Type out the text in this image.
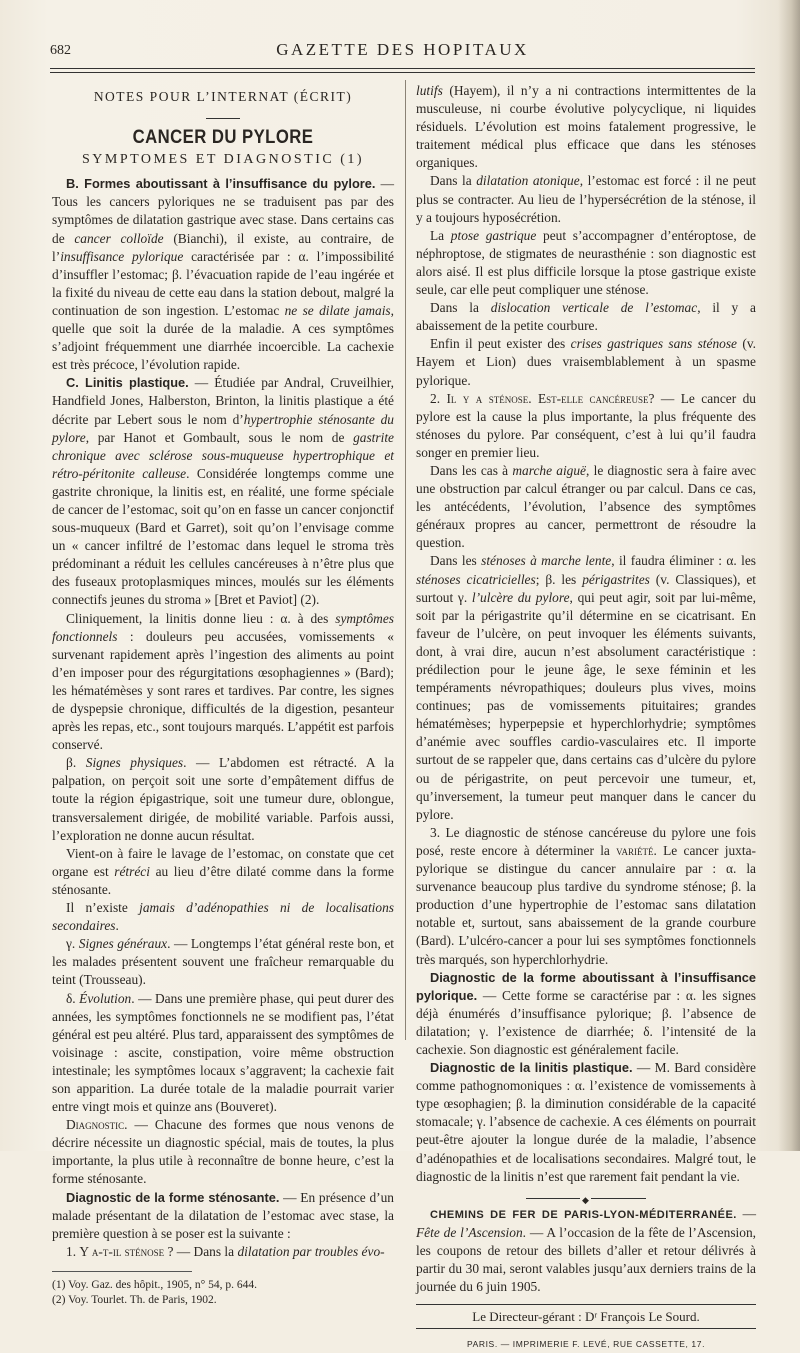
682	GAZETTE DES HOPITAUX
NOTES POUR L’INTERNAT (ÉCRIT)
CANCER DU PYLORE
SYMPTOMES ET DIAGNOSTIC (1)

B. Formes aboutissant à l’insuffisance du pylore. — Tous les cancers pyloriques ne se traduisent pas par des symptômes de dilatation gastrique avec stase. Dans certains cas de cancer colloïde (Bianchi), il existe, au contraire, de l’insuffisance pylorique caractérisée par : α. l’impossibilité d’insuffler l’estomac; β. l’évacuation rapide de l’eau ingérée et la fixité du niveau de cette eau dans la station debout, malgré la continuation de son ingestion. L’estomac ne se dilate jamais, quelle que soit la durée de la maladie. A ces symptômes s’adjoint fréquemment une diarrhée incoercible. La cachexie est très précoce, l’évolution rapide.

C. Linitis plastique. — Étudiée par Andral, Cruveilhier, Handfield Jones, Halberston, Brinton, la linitis plastique a été décrite par Lebert sous le nom d’hypertrophie sténosante du pylore, par Hanot et Gombault, sous le nom de gastrite chronique avec sclérose sous-muqueuse hypertrophique et rétro-péritonite calleuse. Considérée longtemps comme une gastrite chronique, la linitis est, en réalité, une forme spéciale de cancer de l’estomac, soit qu’on en fasse un cancer conjonctif sous-muqueux (Bard et Garret), soit qu’on l’envisage comme un « cancer infiltré de l’estomac dans lequel le stroma très prédominant a réduit les cellules cancéreuses à n’être plus que des fuseaux protoplasmiques minces, moulés sur les éléments connectifs jeunes du stroma » [Bret et Paviot] (2).

Cliniquement, la linitis donne lieu : α. à des symptômes fonctionnels : douleurs peu accusées, vomissements « survenant rapidement après l’ingestion des aliments au point d’en imposer pour des régurgitations œsophagiennes » (Bard); les hématémèses y sont rares et tardives. Par contre, les signes de dyspepsie chronique, difficultés de la digestion, pesanteur après les repas, etc., sont toujours marqués. L’appétit est parfois conservé.

β. Signes physiques. — L’abdomen est rétracté. A la palpation, on perçoit soit une sorte d’empâtement diffus de toute la région épigastrique, soit une tumeur dure, oblongue, transversalement dirigée, de mobilité variable. Parfois aussi, l’exploration ne donne aucun résultat.

Vient-on à faire le lavage de l’estomac, on constate que cet organe est rétréci au lieu d’être dilaté comme dans la forme sténosante.

Il n’existe jamais d’adénopathies ni de localisations secondaires.

γ. Signes généraux. — Longtemps l’état général reste bon, et les malades présentent souvent une fraîcheur remarquable du teint (Trousseau).

δ. Évolution. — Dans une première phase, qui peut durer des années, les symptômes fonctionnels ne se modifient pas, l’état général est peu altéré. Plus tard, apparaissent des symptômes de voisinage : ascite, constipation, voire même obstruction intestinale; les symptômes locaux s’aggravent; la cachexie fait son apparition. La durée totale de la maladie pourrait varier entre vingt mois et quinze ans (Bouveret).

Diagnostic. — Chacune des formes que nous venons de décrire nécessite un diagnostic spécial, mais de toutes, la plus importante, la plus utile à reconnaître de bonne heure, c’est la forme sténosante.

Diagnostic de la forme sténosante. — En présence d’un malade présentant de la dilatation de l’estomac avec stase, la première question à se poser est la suivante :

1. Y a-t-il sténose ? — Dans la dilatation par troubles évo-

(1) Voy. Gaz. des hôpit., 1905, n° 54, p. 644.

(2) Voy. Tourlet. Th. de Paris, 1902.

lutifs (Hayem), il n’y a ni contractions intermittentes de la musculeuse, ni courbe évolutive polycyclique, ni liquides résiduels. L’évolution est moins fatalement progressive, le traitement médical plus efficace que dans les sténoses organiques.

Dans la dilatation atonique, l’estomac est forcé : il ne peut plus se contracter. Au lieu de l’hypersécrétion de la sténose, il y a toujours hyposécrétion.

La ptose gastrique peut s’accompagner d’entéroptose, de néphroptose, de stigmates de neurasthénie : son diagnostic est alors aisé. Il est plus difficile lorsque la ptose gastrique existe seule, car elle peut compliquer une sténose.

Dans la dislocation verticale de l’estomac, il y a abaissement de la petite courbure.

Enfin il peut exister des crises gastriques sans sténose (v. Hayem et Lion) dues vraisemblablement à un spasme pylorique.

2. Il y a sténose. Est-elle cancéreuse? — Le cancer du pylore est la cause la plus importante, la plus fréquente des sténoses du pylore. Par conséquent, c’est à lui qu’il faudra songer en premier lieu.

Dans les cas à marche aiguë, le diagnostic sera à faire avec une obstruction par calcul étranger ou par calcul. Dans ce cas, les antécédents, l’évolution, l’absence des symptômes généraux propres au cancer, permettront de résoudre la question.

Dans les sténoses à marche lente, il faudra éliminer : α. les sténoses cicatricielles; β. les périgastrites (v. Classiques), et surtout γ. l’ulcère du pylore, qui peut agir, soit par lui-même, soit par la périgastrite qu’il détermine en se cicatrisant. En faveur de l’ulcère, on peut invoquer les éléments suivants, dont, à vrai dire, aucun n’est absolument caractéristique : prédilection pour le jeune âge, le sexe féminin et les tempéraments névropathiques; douleurs plus vives, moins continues; pas de vomissements pituitaires; grandes hématémèses; hyperpepsie et hyperchlorhydrie; symptômes d’anémie avec souffles cardio-vasculaires etc. Il importe surtout de se rappeler que, dans certains cas d’ulcère du pylore ou de périgastrite, on peut percevoir une tumeur, et, qu’inversement, la tumeur peut manquer dans le cancer du pylore.

3. Le diagnostic de sténose cancéreuse du pylore une fois posé, reste encore à déterminer la variété. Le cancer juxta-pylorique se distingue du cancer annulaire par : α. la survenance beaucoup plus tardive du syndrome sténose; β. la production d’une hypertrophie de l’estomac sans dilatation notable et, surtout, sans abaissement de la grande courbure (Bard). L’ulcéro-cancer a pour lui ses symptômes fonctionnels très marqués, son hyperchlorhydrie.

Diagnostic de la forme aboutissant à l’insuffisance pylorique. — Cette forme se caractérise par : α. les signes déjà énumérés d’insuffisance pylorique; β. l’absence de dilatation; γ. l’existence de diarrhée; δ. l’intensité de la cachexie. Son diagnostic est généralement facile.

Diagnostic de la linitis plastique. — M. Bard considère comme pathognomoniques : α. l’existence de vomissements à type œsophagien; β. la diminution considérable de la capacité stomacale; γ. l’absence de cachexie. A ces éléments on pourrait peut-être ajouter la longue durée de la maladie, l’absence d’adénopathies et de localisations secondaires. Malgré tout, le diagnostic de la linitis n’est que rarement fait pendant la vie.

◆

CHEMINS DE FER DE PARIS-LYON-MÉDITERRANÉE. — Fête de l’Ascension. — A l’occasion de la fête de l’Ascension, les coupons de retour des billets d’aller et retour délivrés à partir du 30 mai, seront valables jusqu’aux derniers trains de la journée du 6 juin 1905.

Le Directeur-gérant : Dʳ François Le Sourd.
PARIS. — IMPRIMERIE F. LEVÉ, RUE CASSETTE, 17.
